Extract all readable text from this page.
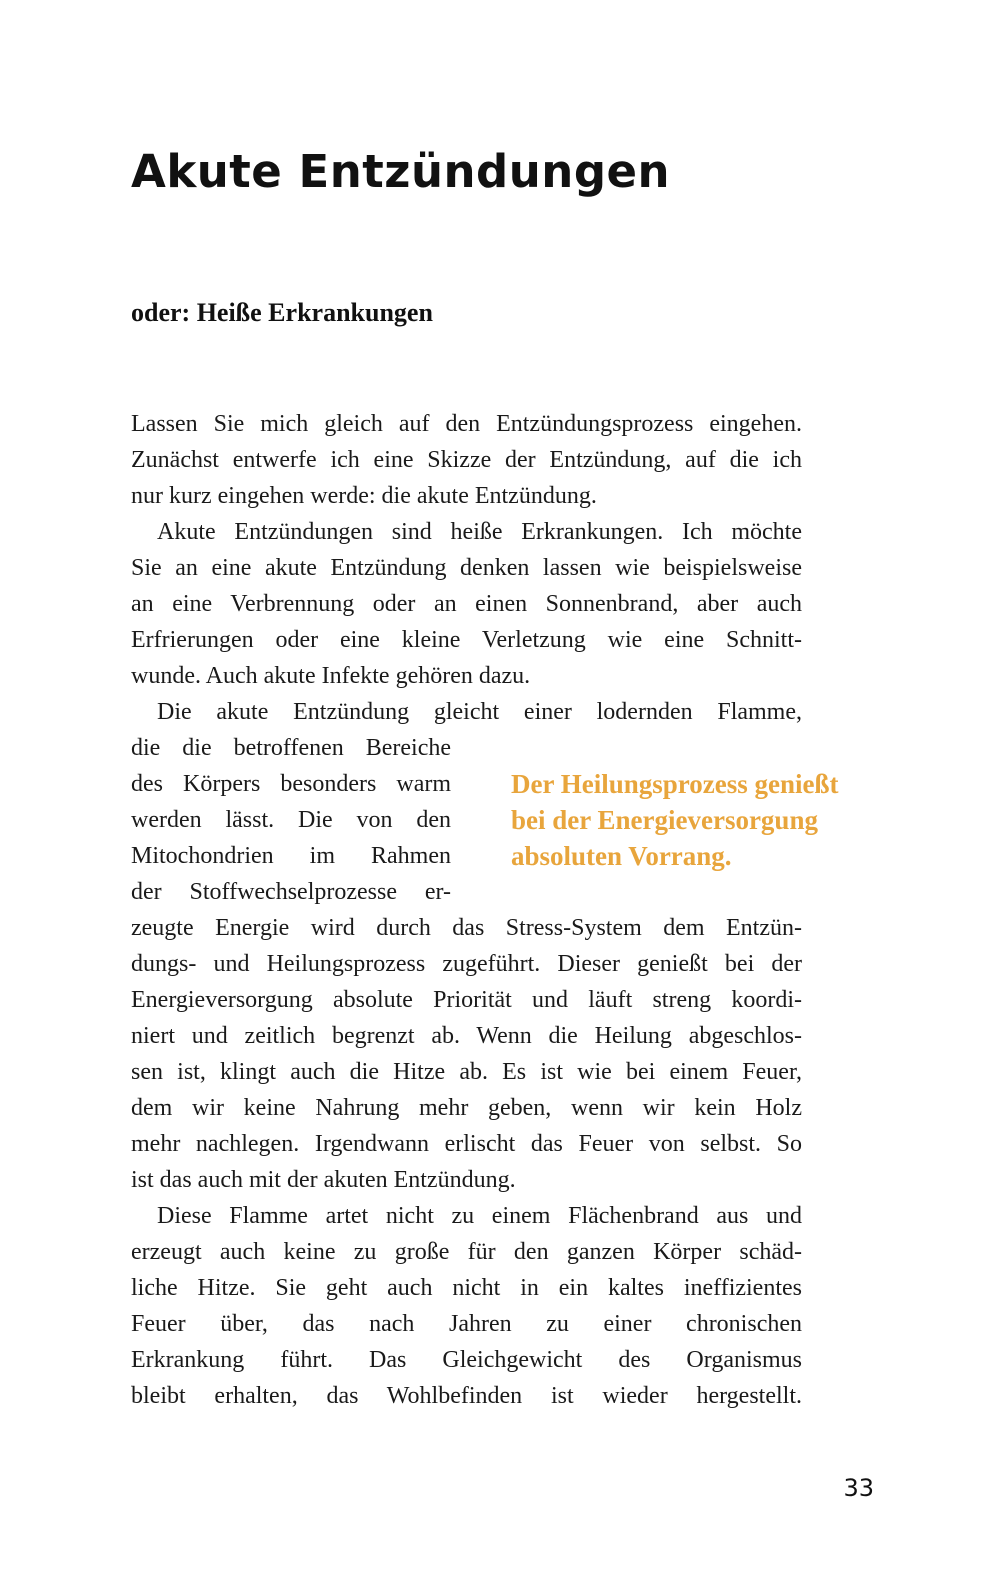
Akute Entzündungen
oder: Heiße Erkrankungen

Lassen Sie mich gleich auf den Entzündungsprozess eingehen.
Zunächst entwerfe ich eine Skizze der Entzündung, auf die ich
nur kurz eingehen werde: die akute Entzündung.

Akute Entzündungen sind heiße Erkrankungen. Ich möchte
Sie an eine akute Entzündung denken lassen wie beispielsweise
an eine Verbrennung oder an einen Sonnenbrand, aber auch
Erfrierungen oder eine kleine Verletzung wie eine Schnitt-
wunde. Auch akute Infekte gehören dazu.

Die akute Entzündung gleicht einer lodernden Flamme,
die die betroffenen Bereiche
des Körpers besonders warm
werden lässt. Die von den
Mitochondrien im Rahmen
der Stoffwechselprozesse er-
zeugte Energie wird durch das Stress-System dem Entzün-
dungs- und Heilungsprozess zugeführt. Dieser genießt bei der
Energieversorgung absolute Priorität und läuft streng koordi-
niert und zeitlich begrenzt ab. Wenn die Heilung abgeschlos-
sen ist, klingt auch die Hitze ab. Es ist wie bei einem Feuer,
dem wir keine Nahrung mehr geben, wenn wir kein Holz
mehr nachlegen. Irgendwann erlischt das Feuer von selbst. So
ist das auch mit der akuten Entzündung.

Diese Flamme artet nicht zu einem Flächenbrand aus und
erzeugt auch keine zu große für den ganzen Körper schäd-
liche Hitze. Sie geht auch nicht in ein kaltes ineffizientes
Feuer über, das nach Jahren zu einer chronischen
Erkrankung führt. Das Gleichgewicht des Organismus
bleibt erhalten, das Wohlbefinden ist wieder hergestellt.

Der Heilungsprozess genießt
bei der Energieversorgung
absoluten Vorrang.
33
